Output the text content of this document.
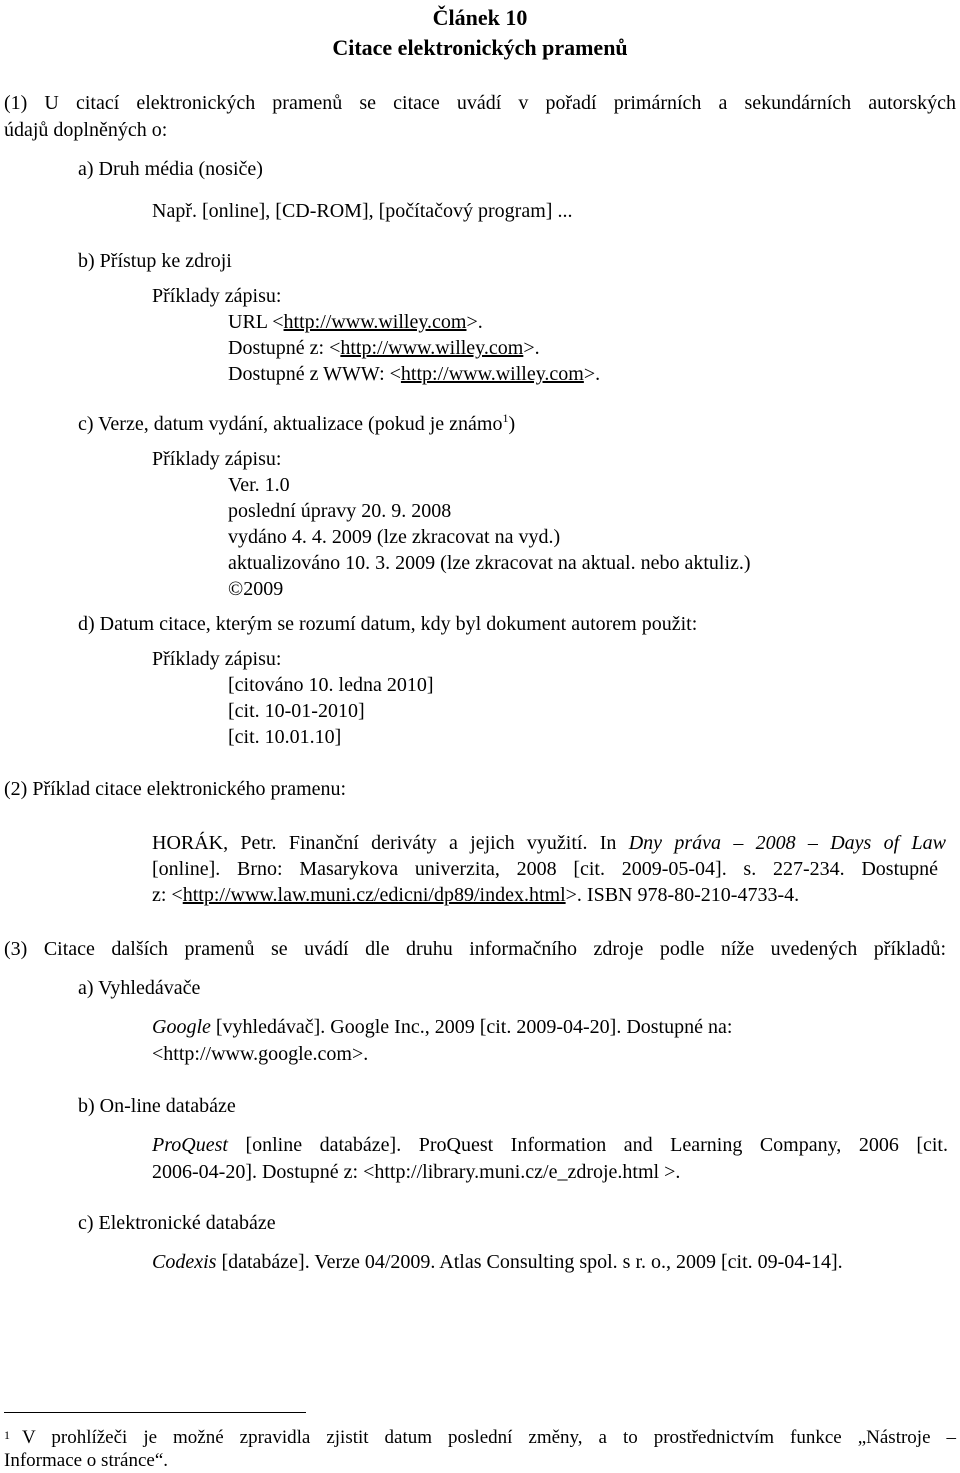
Článek 10
Citace elektronických pramenů
(1) U citací elektronických pramenů se citace uvádí v pořadí primárních a sekundárních autorských
údajů doplněných o:
a) Druh média (nosiče)
Např. [online], [CD-ROM], [počítačový program] ...
b) Přístup ke zdroji
Příklady zápisu:
URL <http://www.willey.com>.
Dostupné z: <http://www.willey.com>.
Dostupné z WWW: <http://www.willey.com>.
c) Verze, datum vydání, aktualizace (pokud je známo$^1$)
Příklady zápisu:
Ver. 1.0
poslední úpravy 20. 9. 2008
vydáno 4. 4. 2009 (lze zkracovat na vyd.)
aktualizováno 10. 3. 2009 (lze zkracovat na aktual. nebo aktuliz.)
©2009
d) Datum citace, kterým se rozumí datum, kdy byl dokument autorem použit:
Příklady zápisu:
[citováno 10. ledna 2010]
[cit. 10-01-2010]
[cit. 10.01.10]
(2) Příklad citace elektronického pramenu:
HORÁK, Petr. Finanční deriváty a jejich využití. In Dny práva – 2008 – Days of Law
[online]. Brno: Masarykova univerzita, 2008 [cit. 2009-05-04]. s. 227-234. Dostupné
z: <http://www.law.muni.cz/edicni/dp89/index.html>. ISBN 978-80-210-4733-4.
(3) Citace dalších pramenů se uvádí dle druhu informačního zdroje podle níže uvedených příkladů:
a) Vyhledávače
Google [vyhledávač]. Google Inc., 2009 [cit. 2009-04-20]. Dostupné na:
<http://www.google.com>.
b) On-line databáze
ProQuest [online databáze]. ProQuest Information and Learning Company, 2006 [cit.
2006-04-20]. Dostupné z: <http://library.muni.cz/e_zdroje.html >.
c) Elektronické databáze
Codexis [databáze]. Verze 04/2009. Atlas Consulting spol. s r. o., 2009 [cit. 09-04-14].
1 V prohlížeči je možné zpravidla zjistit datum poslední změny, a to prostřednictvím funkce „Nástroje –
Informace o stránce“.
